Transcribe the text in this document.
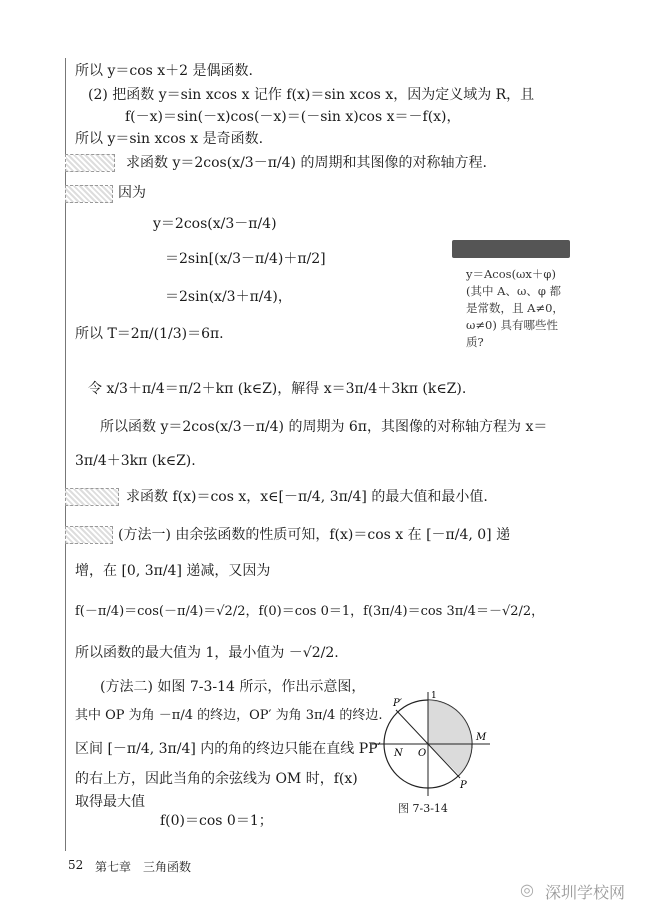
所以 y＝cos x＋2 是偶函数.
(2) 把函数 y＝sin xcos x 记作 f(x)＝sin xcos x，因为定义域为 R，且
f(－x)＝sin(－x)cos(－x)＝(－sin x)cos x＝－f(x)，
所以 y＝sin xcos x 是奇函数.
求函数 y＝2cos(x/3－π/4) 的周期和其图像的对称轴方程.
因为
y＝2cos(x/3－π/4)
＝2sin[(x/3－π/4)＋π/2]
＝2sin(x/3＋π/4)，
所以 T＝2π/(1/3)＝6π.
令 x/3＋π/4＝π/2＋kπ (k∈Z)，解得 x＝3π/4＋3kπ (k∈Z).
所以函数 y＝2cos(x/3－π/4) 的周期为 6π，其图像的对称轴方程为 x＝
3π/4＋3kπ (k∈Z).
y＝Acos(ωx＋φ) (其中 A、ω、φ 都是常数，且 A≠0，ω≠0) 具有哪些性质?
求函数 f(x)＝cos x，x∈[－π/4, 3π/4] 的最大值和最小值.
(方法一) 由余弦函数的性质可知，f(x)＝cos x 在 [－π/4, 0] 递
增，在 [0, 3π/4] 递减，又因为
f(－π/4)＝cos(－π/4)＝√2/2，f(0)＝cos 0＝1，f(3π/4)＝cos 3π/4＝－√2/2，
所以函数的最大值为 1，最小值为 －√2/2.
(方法二) 如图 7-3-14 所示，作出示意图，
其中 OP 为角 －π/4 的终边，OP′ 为角 3π/4 的终边.
区间 [－π/4, 3π/4] 内的角的终边只能在直线 PP′
的右上方，因此当角的余弦线为 OM 时，f(x)
取得最大值
f(0)＝cos 0＝1；
P′
N O
M
P
1
图 7-3-14
52 第七章　三角函数
◎ 深圳学校网
